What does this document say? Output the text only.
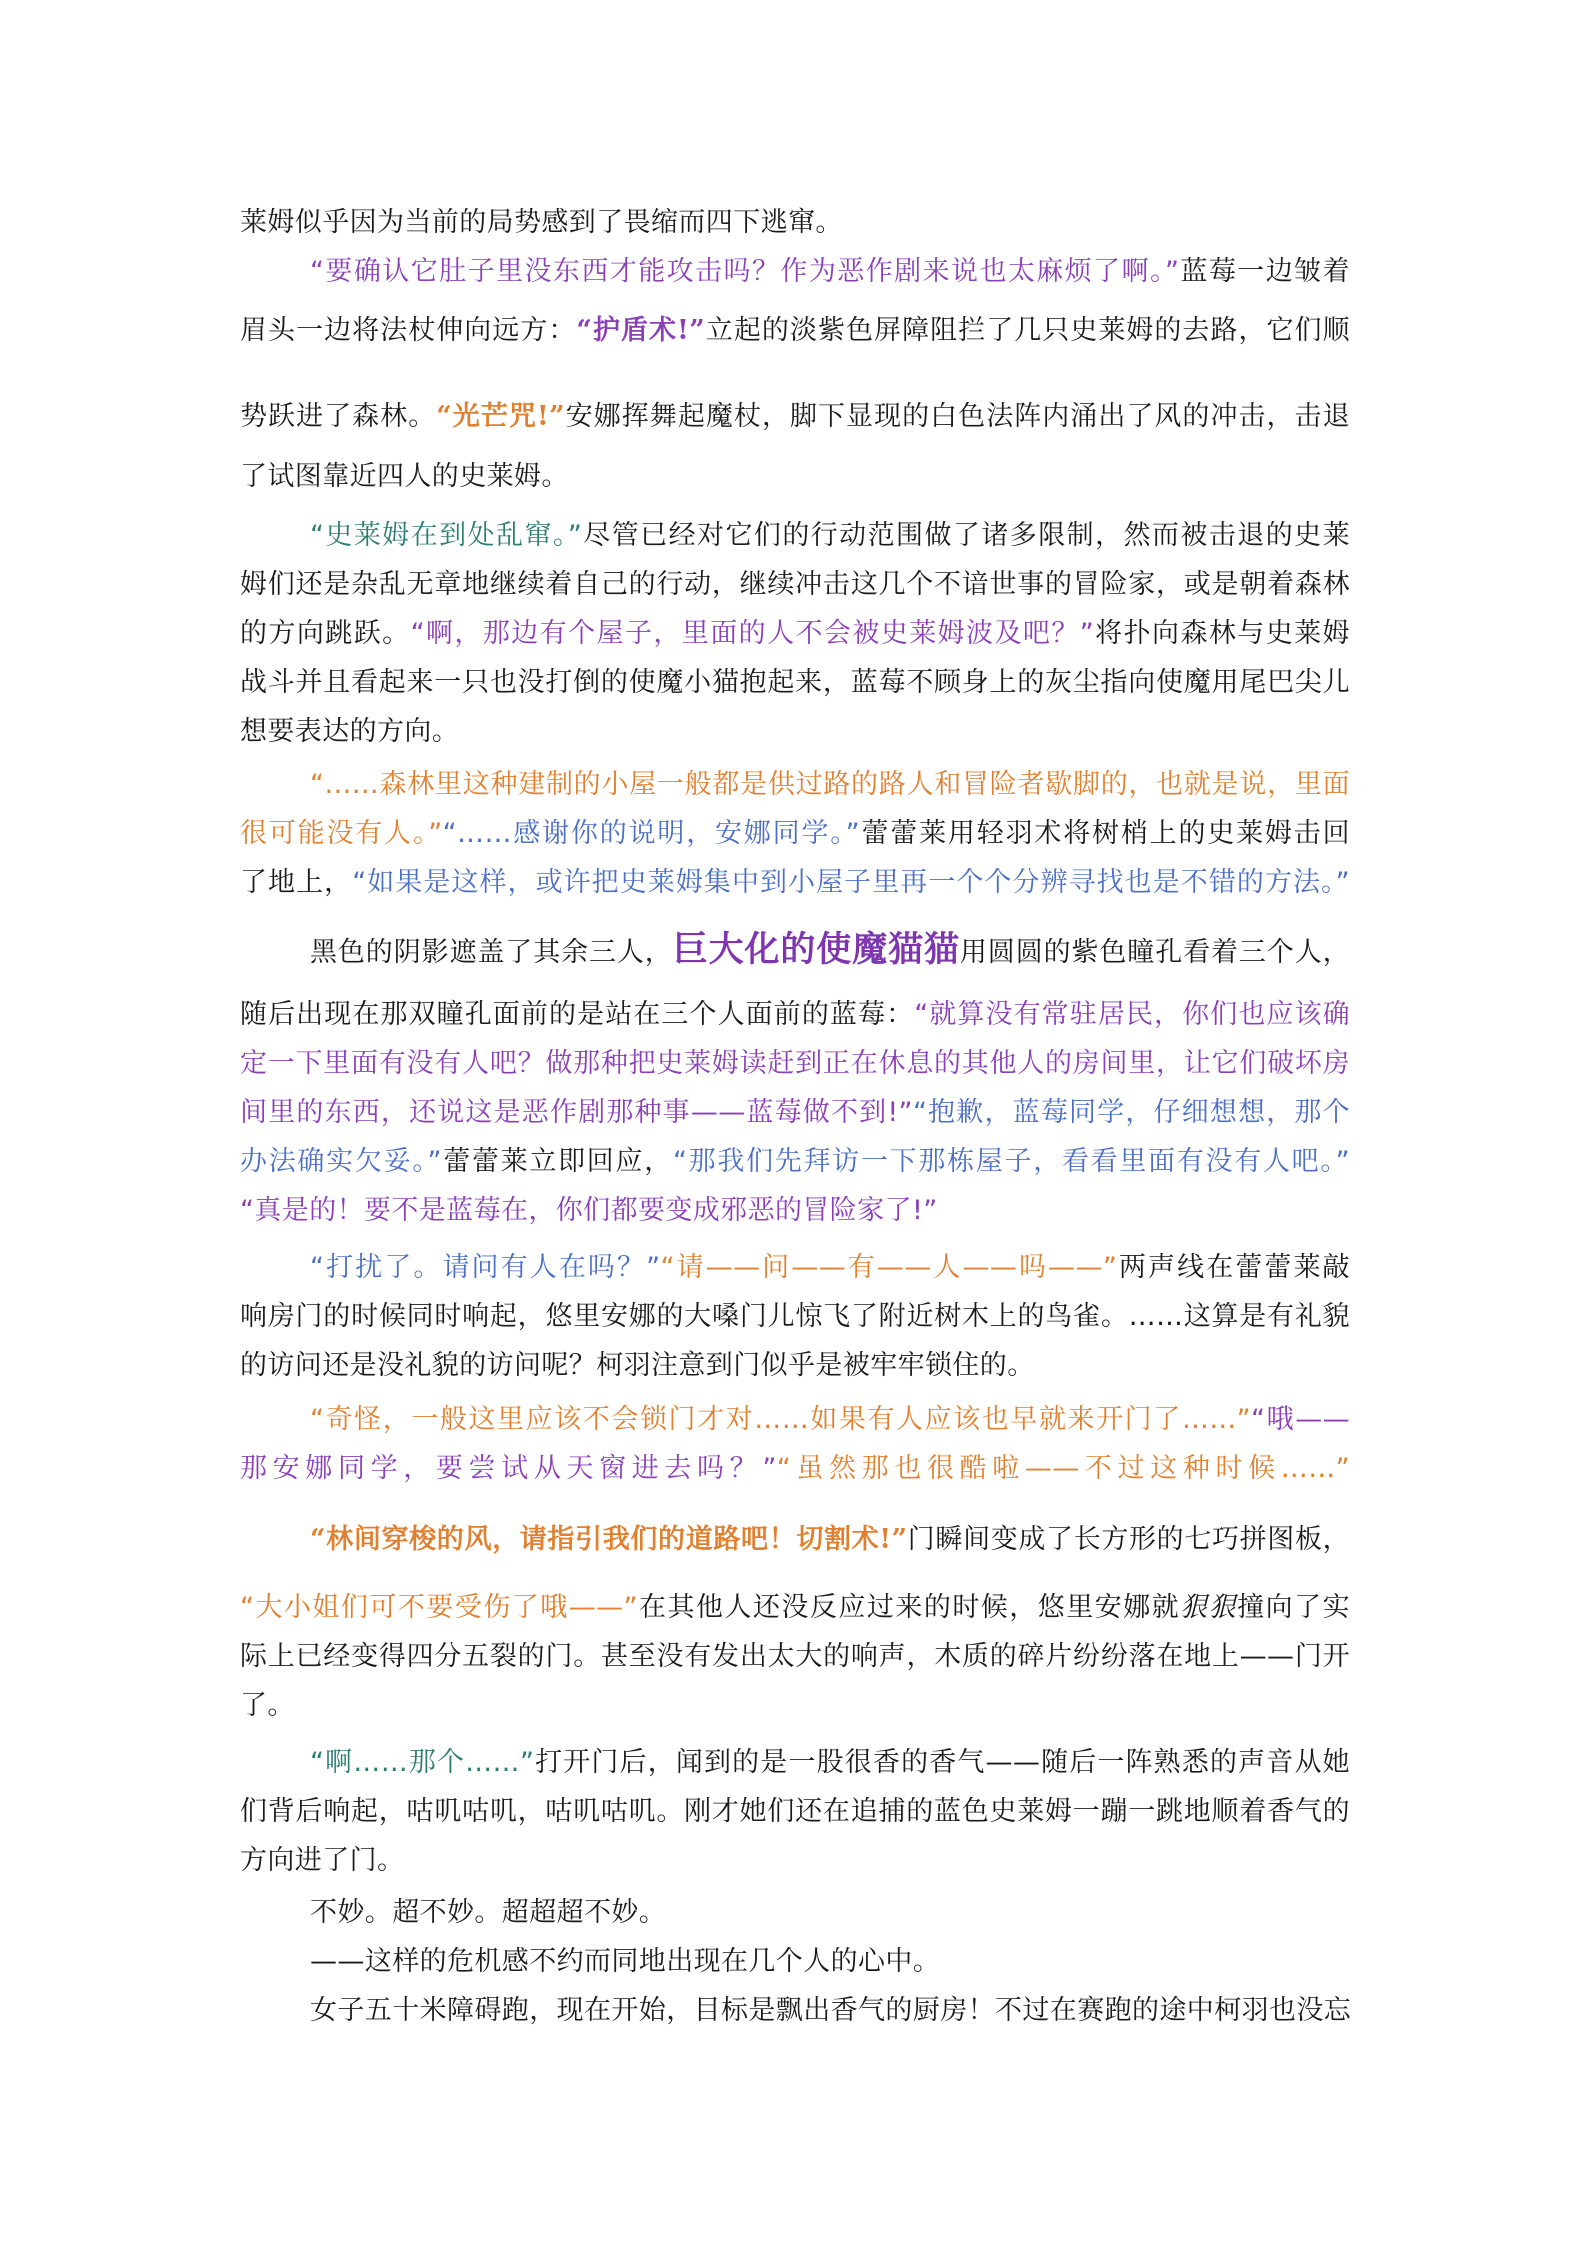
莱姆似乎因为当前的局势感到了畏缩而四下逃窜。
“要确认它肚子里没东西才能攻击吗？作为恶作剧来说也太麻烦了啊。”蓝莓一边皱着
眉头一边将法杖伸向远方：“护盾术!”立起的淡紫色屏障阻拦了几只史莱姆的去路，它们顺
势跃进了森林。“光芒咒!”安娜挥舞起魔杖，脚下显现的白色法阵内涌出了风的冲击，击退
了试图靠近四人的史莱姆。
“史莱姆在到处乱窜。”尽管已经对它们的行动范围做了诸多限制，然而被击退的史莱
姆们还是杂乱无章地继续着自己的行动，继续冲击这几个不谙世事的冒险家，或是朝着森林
的方向跳跃。“啊，那边有个屋子，里面的人不会被史莱姆波及吧？”将扑向森林与史莱姆
战斗并且看起来一只也没打倒的使魔小猫抱起来，蓝莓不顾身上的灰尘指向使魔用尾巴尖儿
想要表达的方向。
“……森林里这种建制的小屋一般都是供过路的路人和冒险者歇脚的，也就是说，里面
很可能没有人。”“……感谢你的说明，安娜同学。”蕾蕾莱用轻羽术将树梢上的史莱姆击回
了地上，“如果是这样，或许把史莱姆集中到小屋子里再一个个分辨寻找也是不错的方法。”
黑色的阴影遮盖了其余三人，巨大化的使魔猫猫用圆圆的紫色瞳孔看着三个人，
随后出现在那双瞳孔面前的是站在三个人面前的蓝莓：“就算没有常驻居民，你们也应该确
定一下里面有没有人吧？做那种把史莱姆读赶到正在休息的其他人的房间里，让它们破坏房
间里的东西，还说这是恶作剧那种事——蓝莓做不到!”“抱歉，蓝莓同学，仔细想想，那个
办法确实欠妥。”蕾蕾莱立即回应，“那我们先拜访一下那栋屋子，看看里面有没有人吧。”
“真是的！要不是蓝莓在，你们都要变成邪恶的冒险家了!”
“打扰了。请问有人在吗？”“请——问——有——人——吗——”两声线在蕾蕾莱敲
响房门的时候同时响起，悠里安娜的大嗓门儿惊飞了附近树木上的鸟雀。……这算是有礼貌
的访问还是没礼貌的访问呢？柯羽注意到门似乎是被牢牢锁住的。
“奇怪，一般这里应该不会锁门才对……如果有人应该也早就来开门了……”“哦——
那安娜同学，要尝试从天窗进去吗？”“虽然那也很酷啦——不过这种时候……”
“林间穿梭的风，请指引我们的道路吧！切割术!”门瞬间变成了长方形的七巧拼图板，
“大小姐们可不要受伤了哦——”在其他人还没反应过来的时候，悠里安娜就狠狠撞向了实
际上已经变得四分五裂的门。甚至没有发出太大的响声，木质的碎片纷纷落在地上——门开
了。
“啊……那个……”打开门后，闻到的是一股很香的香气——随后一阵熟悉的声音从她
们背后响起，咕叽咕叽，咕叽咕叽。刚才她们还在追捕的蓝色史莱姆一蹦一跳地顺着香气的
方向进了门。
不妙。超不妙。超超超不妙。
——这样的危机感不约而同地出现在几个人的心中。
女子五十米障碍跑，现在开始，目标是飘出香气的厨房！不过在赛跑的途中柯羽也没忘
